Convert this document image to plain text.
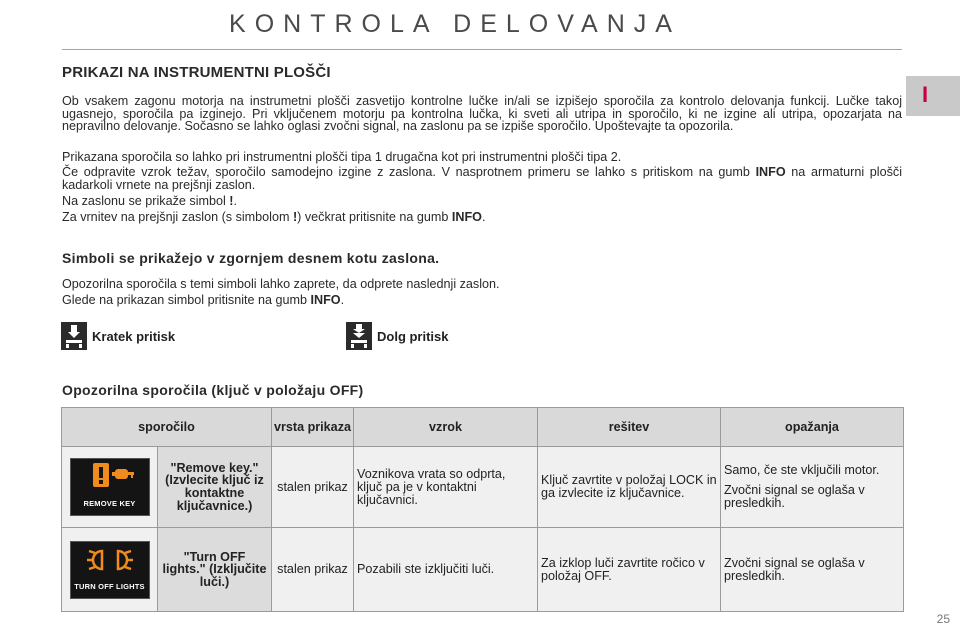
KONTROLA DELOVANJA
I
PRIKAZI NA INSTRUMENTNI PLOŠČI
Ob vsakem zagonu motorja na instrumetni plošči zasvetijo kontrolne lučke in/ali se izpišejo sporočila za kontrolo delovanja funkcij. Lučke takoj ugasnejo, sporočila pa izginejo. Pri vključenem motorju pa kontrolna lučka, ki sveti ali utripa in sporočilo, ki ne izgine ali utripa, opozarjata na nepravilno delovanje. Sočasno se lahko oglasi zvočni signal, na zaslonu pa se izpiše sporočilo. Upoštevajte ta opozorila.
Prikazana sporočila so lahko pri instrumentni plošči tipa 1 drugačna kot pri instrumentni plošči tipa 2.
Če odpravite vzrok težav, sporočilo samodejno izgine z zaslona. V nasprotnem primeru se lahko s pritiskom na gumb INFO na armaturni plošči kadarkoli vrnete na prejšnji zaslon.
Na zaslonu se prikaže simbol !.
Za vrnitev na prejšnji zaslon (s simbolom !) večkrat pritisnite na gumb INFO.
Simboli se prikažejo v zgornjem desnem kotu zaslona.
Opozorilna sporočila s temi simboli lahko zaprete, da odprete naslednji zaslon.
Glede na prikazan simbol pritisnite na gumb INFO.
Kratek pritisk	Dolg pritisk
Opozorilna sporočila (ključ v položaju OFF)
sporočilo		vrsta prikaza	vzrok	rešitev	opažanja

REMOVE KEY	"Remove key." (Izvlecite ključ iz kontaktne ključavnice.)	stalen prikaz	Voznikova vrata so odprta, ključ pa je v kontaktni ključavnici.	Ključ zavrtite v položaj LOCK in ga izvlecite iz ključavnice.	Samo, če ste vključili motor.

Zvočni signal se oglaša v presledkih.

TURN OFF LIGHTS	"Turn OFF lights." (Izključite luči.)	stalen prikaz	Pozabili ste izključiti luči.	Za izklop luči zavrtite ročico v položaj OFF.	Zvočni signal se oglaša v presledkih.

25
